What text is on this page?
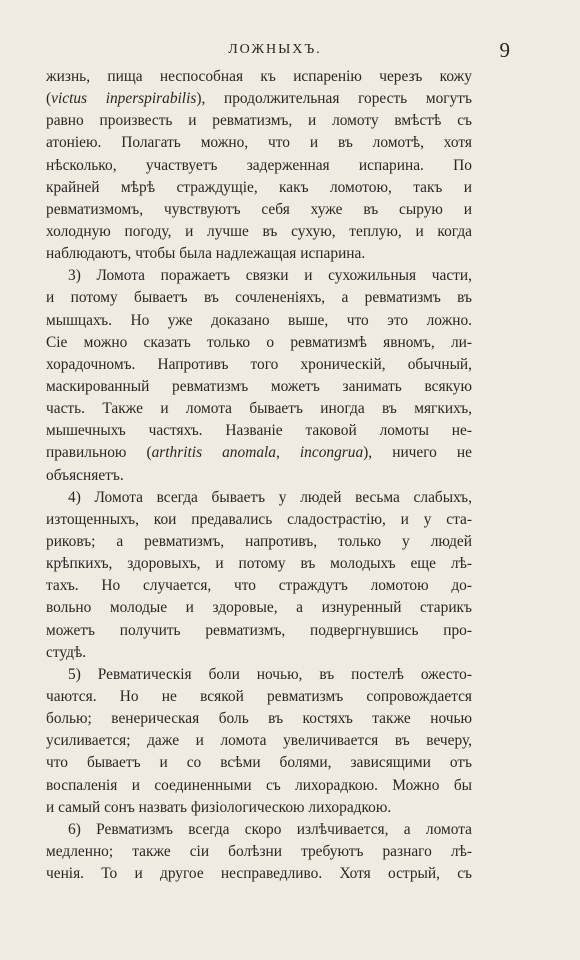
ЛОЖНЫХЪ.	9
жизнь, пища неспособная къ испаренію черезъ кожу
(victus inperspirabilis), продолжительная горесть могутъ
равно произвесть и ревматизмъ, и ломоту вмѣстѣ съ
атоніею. Полагать можно, что и въ ломотѣ, хотя
нѣсколько, участвуетъ задерженная испарина. По
крайней мѣрѣ страждущіе, какъ ломотою, такъ и
ревматизмомъ, чувствуютъ себя хуже въ сырую и
холодную погоду, и лучше въ сухую, теплую, и когда
наблюдаютъ, чтобы была надлежащая испарина.
3) Ломота поражаетъ связки и сухожильныя части,
и потому бываетъ въ сочлененіяхъ, а ревматизмъ въ
мышцахъ. Но уже доказано выше, что это ложно.
Сіе можно сказать только о ревматизмѣ явномъ, ли-
хорадочномъ. Напротивъ того хроническій, обычный,
маскированный ревматизмъ можетъ занимать всякую
часть. Также и ломота бываетъ иногда въ мягкихъ,
мышечныхъ частяхъ. Названіе таковой ломоты не-
правильною (arthritis anomala, incongrua), ничего не
объясняетъ.
4) Ломота всегда бываетъ у людей весьма слабыхъ,
изтощенныхъ, кои предавались сладострастію, и у ста-
риковъ; а ревматизмъ, напротивъ, только у людей
крѣпкихъ, здоровыхъ, и потому въ молодыхъ еще лѣ-
тахъ. Но случается, что страждутъ ломотою до-
вольно молодые и здоровые, а изнуренный старикъ
можетъ получить ревматизмъ, подвергнувшись про-
студѣ.
5) Ревматическія боли ночью, въ постелѣ ожесто-
чаются. Но не всякой ревматизмъ сопровождается
болью; венерическая боль въ костяхъ также ночью
усиливается; даже и ломота увеличивается въ вечеру,
что бываетъ и со всѣми болями, зависящими отъ
воспаленія и соединенными съ лихорадкою. Можно бы
и самый сонъ назвать физіологическою лихорадкою.
6) Ревматизмъ всегда скоро излѣчивается, а ломота
медленно; также сіи болѣзни требуютъ разнаго лѣ-
ченія. То и другое несправедливо. Хотя острый, съ
